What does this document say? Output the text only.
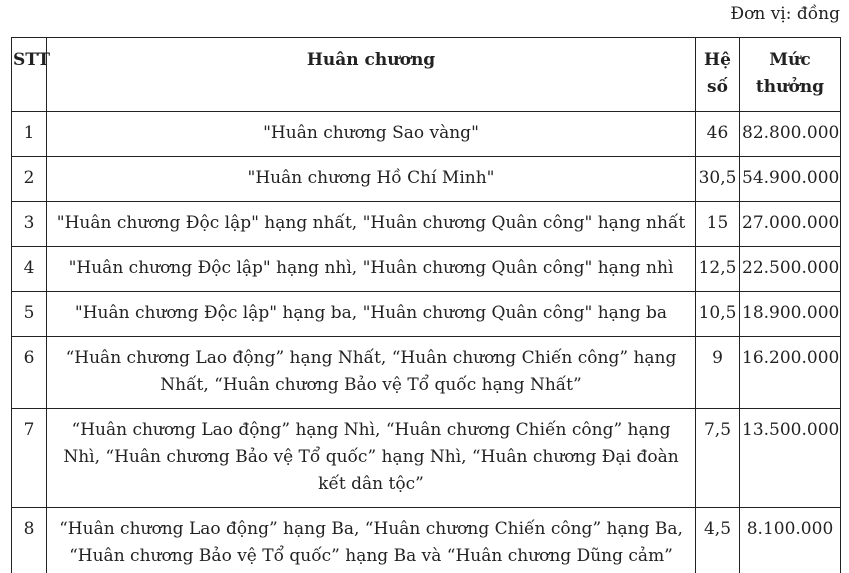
Đơn vị: đồng
STT	Huân chương	Hệ số	Mức thưởng
1	"Huân chương Sao vàng"	46	82.800.000
2	"Huân chương Hồ Chí Minh"	30,5	54.900.000
3	"Huân chương Độc lập" hạng nhất, "Huân chương Quân công" hạng nhất	15	27.000.000
4	"Huân chương Độc lập" hạng nhì, "Huân chương Quân công" hạng nhì	12,5	22.500.000
5	"Huân chương Độc lập" hạng ba, "Huân chương Quân công" hạng ba	10,5	18.900.000
6	“Huân chương Lao động” hạng Nhất, “Huân chương Chiến công” hạng Nhất, “Huân chương Bảo vệ Tổ quốc hạng Nhất”	9	16.200.000
7	“Huân chương Lao động” hạng Nhì, “Huân chương Chiến công” hạng Nhì, “Huân chương Bảo vệ Tổ quốc” hạng Nhì, “Huân chương Đại đoàn kết dân tộc”	7,5	13.500.000
8	“Huân chương Lao động” hạng Ba, “Huân chương Chiến công” hạng Ba, “Huân chương Bảo vệ Tổ quốc” hạng Ba và “Huân chương Dũng cảm”	4,5	8.100.000
